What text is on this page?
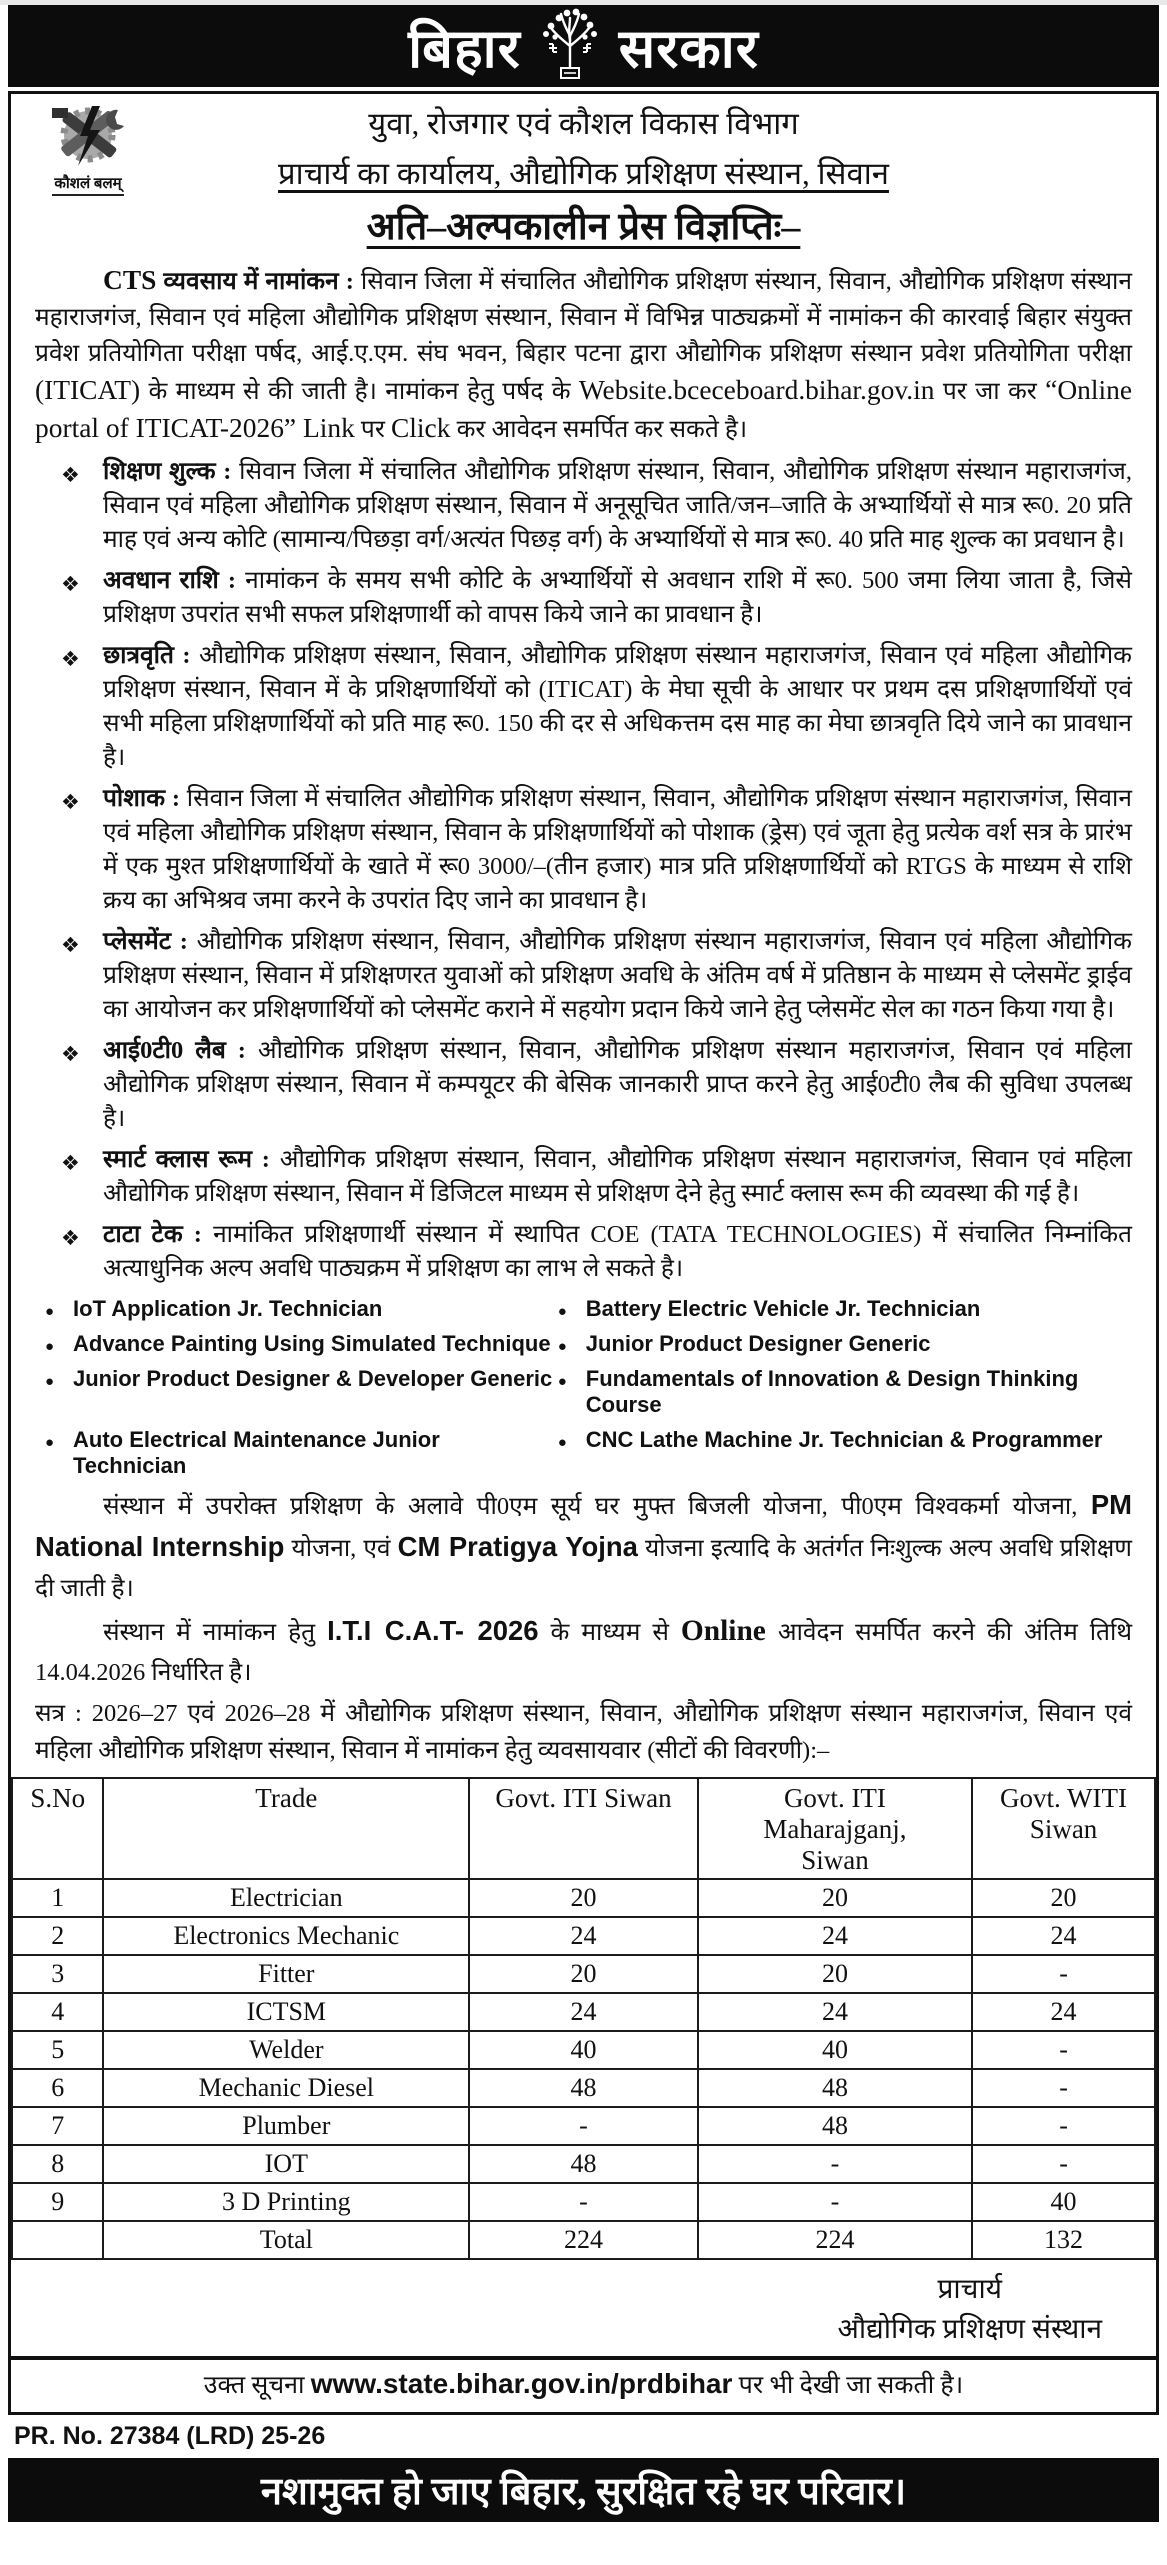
बिहार सरकार

कौशलं बलम्
युवा, रोजगार एवं कौशल विकास विभाग
प्राचार्य का कार्यालय, औद्योगिक प्रशिक्षण संस्थान, सिवान
अति–अल्पकालीन प्रेस विज्ञप्तिः–

CTS व्यवसाय में नामांकन : सिवान जिला में संचालित औद्योगिक प्रशिक्षण संस्थान, सिवान, औद्योगिक प्रशिक्षण संस्थान महाराजगंज, सिवान एवं महिला औद्योगिक प्रशिक्षण संस्थान, सिवान में विभिन्न पाठ्यक्रमों में नामांकन की कारवाई बिहार संयुक्त प्रवेश प्रतियोगिता परीक्षा पर्षद, आई.ए.एम. संघ भवन, बिहार पटना द्वारा औद्योगिक प्रशिक्षण संस्थान प्रवेश प्रतियोगिता परीक्षा (ITICAT) के माध्यम से की जाती है। नामांकन हेतु पर्षद के Website.bceceboard.bihar.gov.in पर जा कर “Online portal of ITICAT-2026” Link पर Click कर आवेदन समर्पित कर सकते है।

❖ शिक्षण शुल्क : सिवान जिला में संचालित औद्योगिक प्रशिक्षण संस्थान, सिवान, औद्योगिक प्रशिक्षण संस्थान महाराजगंज, सिवान एवं महिला औद्योगिक प्रशिक्षण संस्थान, सिवान में अनूसूचित जाति/जन–जाति के अभ्यार्थियों से मात्र रू0. 20 प्रति माह एवं अन्य कोटि (सामान्य/पिछड़ा वर्ग/अत्यंत पिछड़ वर्ग) के अभ्यार्थियों से मात्र रू0. 40 प्रति माह शुल्क का प्रवधान है।
❖ अवधान राशि : नामांकन के समय सभी कोटि के अभ्यार्थियों से अवधान राशि में रू0. 500 जमा लिया जाता है, जिसे प्रशिक्षण उपरांत सभी सफल प्रशिक्षणार्थी को वापस किये जाने का प्रावधान है।
❖ छात्रवृति : औद्योगिक प्रशिक्षण संस्थान, सिवान, औद्योगिक प्रशिक्षण संस्थान महाराजगंज, सिवान एवं महिला औद्योगिक प्रशिक्षण संस्थान, सिवान में के प्रशिक्षणार्थियों को (ITICAT) के मेघा सूची के आधार पर प्रथम दस प्रशिक्षणार्थियों एवं सभी महिला प्रशिक्षणार्थियों को प्रति माह रू0. 150 की दर से अधिकत्तम दस माह का मेघा छात्रवृति दिये जाने का प्रावधान है।
❖ पोशाक : सिवान जिला में संचालित औद्योगिक प्रशिक्षण संस्थान, सिवान, औद्योगिक प्रशिक्षण संस्थान महाराजगंज, सिवान एवं महिला औद्योगिक प्रशिक्षण संस्थान, सिवान के प्रशिक्षणार्थियों को पोशाक (ड्रेस) एवं जूता हेतु प्रत्येक वर्श सत्र के प्रारंभ में एक मुश्त प्रशिक्षणार्थियों के खाते में रू0 3000/–(तीन हजार) मात्र प्रति प्रशिक्षणार्थियों को RTGS के माध्यम से राशि क्रय का अभिश्रव जमा करने के उपरांत दिए जाने का प्रावधान है।
❖ प्लेसमेंट : औद्योगिक प्रशिक्षण संस्थान, सिवान, औद्योगिक प्रशिक्षण संस्थान महाराजगंज, सिवान एवं महिला औद्योगिक प्रशिक्षण संस्थान, सिवान में प्रशिक्षणरत युवाओं को प्रशिक्षण अवधि के अंतिम वर्ष में प्रतिष्ठान के माध्यम से प्लेसमेंट ड्राईव का आयोजन कर प्रशिक्षणार्थियों को प्लेसमेंट कराने में सहयोग प्रदान किये जाने हेतु प्लेसमेंट सेल का गठन किया गया है।
❖ आई0टी0 लैब : औद्योगिक प्रशिक्षण संस्थान, सिवान, औद्योगिक प्रशिक्षण संस्थान महाराजगंज, सिवान एवं महिला औद्योगिक प्रशिक्षण संस्थान, सिवान में कम्पयूटर की बेसिक जानकारी प्राप्त करने हेतु आई0टी0 लैब की सुविधा उपलब्ध है।
❖ स्मार्ट क्लास रूम : औद्योगिक प्रशिक्षण संस्थान, सिवान, औद्योगिक प्रशिक्षण संस्थान महाराजगंज, सिवान एवं महिला औद्योगिक प्रशिक्षण संस्थान, सिवान में डिजिटल माध्यम से प्रशिक्षण देने हेतु स्मार्ट क्लास रूम की व्यवस्था की गई है।
❖ टाटा टेक : नामांकित प्रशिक्षणार्थी संस्थान में स्थापित COE (TATA TECHNOLOGIES) में संचालित निम्नांकित अत्याधुनिक अल्प अवधि पाठ्यक्रम में प्रशिक्षण का लाभ ले सकते है।
● IoT Application Jr. Technician	● Battery Electric Vehicle Jr. Technician
● Advance Painting Using Simulated Technique ● Junior Product Designer Generic
● Junior Product Designer & Developer Generic ● Fundamentals of Innovation & Design Thinking Course
● Auto Electrical Maintenance Junior Technician
● CNC Lathe Machine Jr. Technician & Programmer

संस्थान में उपरोक्त प्रशिक्षण के अलावे पी0एम सूर्य घर मुफ्त बिजली योजना, पी0एम विश्वकर्मा योजना, PM National Internship योजना, एवं CM Pratigya Yojna योजना इत्यादि के अतंर्गत निःशुल्क अल्प अवधि प्रशिक्षण दी जाती है।

संस्थान में नामांकन हेतु I.T.I C.A.T- 2026 के माध्यम से Online आवेदन समर्पित करने की अंतिम तिथि 14.04.2026 निर्धारित है।

सत्र : 2026–27 एवं 2026–28 में औद्योगिक प्रशिक्षण संस्थान, सिवान, औद्योगिक प्रशिक्षण संस्थान महाराजगंज, सिवान एवं महिला औद्योगिक प्रशिक्षण संस्थान, सिवान में नामांकन हेतु व्यवसायवार (सीटों की विवरणी):–

S.No	Trade	Govt. ITI Siwan	Govt. ITI Maharajganj, Siwan	Govt. WITI Siwan
1	Electrician	20	20	20
2	Electronics Mechanic	24	24	24
3	Fitter	20	20	-
4	ICTSM	24	24	24
5	Welder	40	40	-
6	Mechanic Diesel	48	48	-
7	Plumber	-	48	-
8	IOT	48	-	-
9	3 D Printing	-	-	40
	Total	224	224	132
प्राचार्य
औद्योगिक प्रशिक्षण संस्थान
उक्त सूचना www.state.bihar.gov.in/prdbihar पर भी देखी जा सकती है।
PR. No. 27384 (LRD) 25-26
नशामुक्त हो जाए बिहार, सुरक्षित रहे घर परिवार।
